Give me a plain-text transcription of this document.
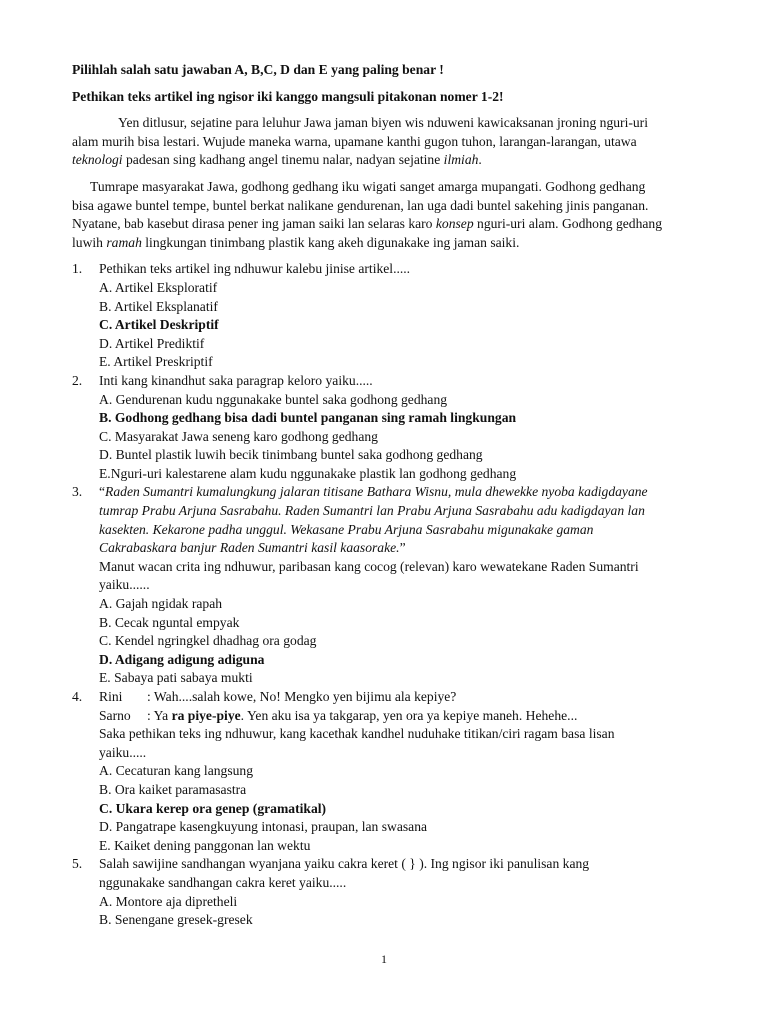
Pilihlah salah satu jawaban A, B,C, D dan E yang paling benar !
Pethikan teks artikel ing ngisor iki kanggo mangsuli pitakonan nomer 1-2!
Yen ditlusur, sejatine para leluhur Jawa jaman biyen wis nduweni kawicaksanan jroning nguri-uri
alam murih bisa lestari. Wujude maneka warna, upamane kanthi gugon tuhon, larangan-larangan, utawa
teknologi padesan sing kadhang angel tinemu nalar, nadyan sejatine ilmiah.
Tumrape masyarakat Jawa, godhong gedhang iku wigati sanget amarga mupangati. Godhong gedhang
bisa agawe buntel tempe, buntel berkat nalikane gendurenan, lan uga dadi buntel sakehing jinis panganan.
Nyatane, bab kasebut dirasa pener ing jaman saiki lan selaras karo konsep nguri-uri alam. Godhong gedhang
luwih ramah lingkungan tinimbang plastik kang akeh digunakake ing jaman saiki.
1. Pethikan teks artikel ing ndhuwur kalebu jinise artikel.....
A. Artikel Eksploratif
B. Artikel Eksplanatif
C. Artikel Deskriptif
D. Artikel Prediktif
E. Artikel Preskriptif
2. Inti kang kinandhut saka paragrap keloro yaiku.....
A. Gendurenan kudu nggunakake buntel saka godhong gedhang
B. Godhong gedhang bisa dadi buntel panganan sing ramah lingkungan
C. Masyarakat Jawa seneng karo godhong gedhang
D. Buntel plastik luwih becik tinimbang buntel saka godhong gedhang
E.Nguri-uri kalestarene alam kudu nggunakake plastik lan godhong gedhang
3. “Raden Sumantri kumalungkung jalaran titisane Bathara Wisnu, mula dhewekke nyoba kadigdayane
tumrap Prabu Arjuna Sasrabahu. Raden Sumantri lan Prabu Arjuna Sasrabahu adu kadigdayan lan
kasekten. Kekarone padha unggul. Wekasane Prabu Arjuna Sasrabahu migunakake gaman
Cakrabaskara banjur Raden Sumantri kasil kaasorake.”
Manut wacan crita ing ndhuwur, paribasan kang cocog (relevan) karo wewatekane Raden Sumantri
yaiku......
A. Gajah ngidak rapah
B. Cecak nguntal empyak
C. Kendel ngringkel dhadhag ora godag
D. Adigang adigung adiguna
E. Sabaya pati sabaya mukti
4. Rini : Wah....salah kowe, No! Mengko yen bijimu ala kepiye?
Sarno : Ya ra piye-piye. Yen aku isa ya takgarap, yen ora ya kepiye maneh. Hehehe...
Saka pethikan teks ing ndhuwur, kang kacethak kandhel nuduhake titikan/ciri ragam basa lisan
yaiku.....
A. Cecaturan kang langsung
B. Ora kaiket paramasastra
C. Ukara kerep ora genep (gramatikal)
D. Pangatrape kasengkuyung intonasi, praupan, lan swasana
E. Kaiket dening panggonan lan wektu
5. Salah sawijine sandhangan wyanjana yaiku cakra keret ( } ). Ing ngisor iki panulisan kang
nggunakake sandhangan cakra keret yaiku.....
A. Montore aja dipretheli
B. Senengane gresek-gresek
1
